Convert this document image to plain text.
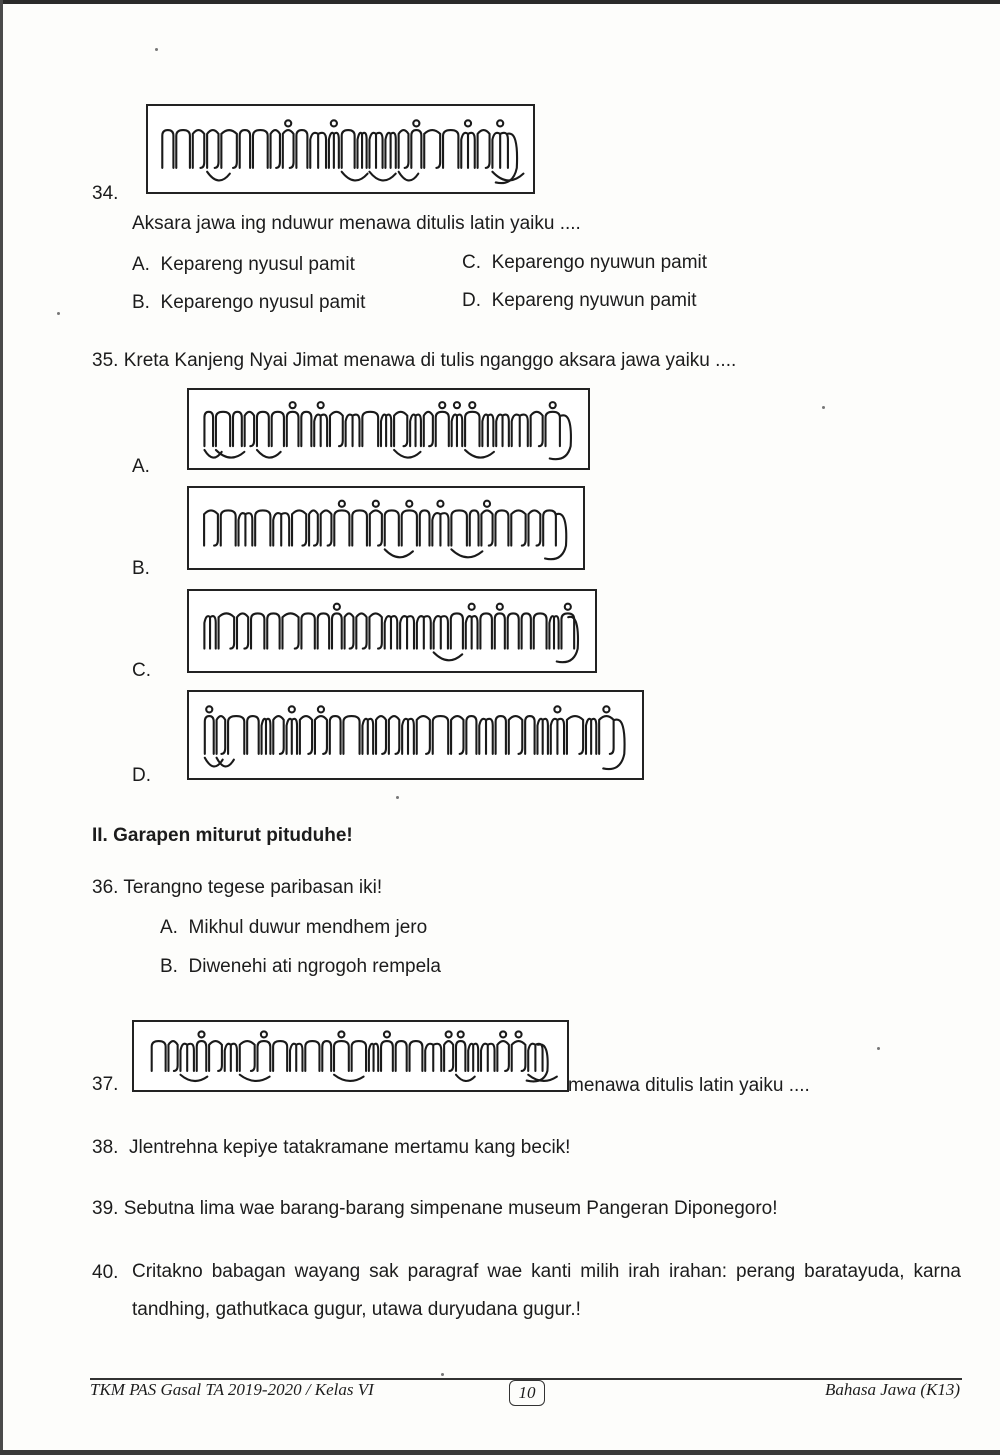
34.
Aksara jawa ing nduwur menawa ditulis latin yaiku ....
A. Kepareng nyusul pamit	C. Keparengo nyuwun pamit
B. Keparengo nyusul pamit	D. Kepareng nyuwun pamit
35. Kreta Kanjeng Nyai Jimat menawa di tulis nganggo aksara jawa yaiku ....
A.
B.
C.
D.
II. Garapen miturut pituduhe!
36. Terangno tegese paribasan iki!
A. Mikhul duwur mendhem jero
B. Diwenehi ati ngrogoh rempela
37.	menawa ditulis latin yaiku ....
38. Jlentrehna kepiye tatakramane mertamu kang becik!
39. Sebutna lima wae barang-barang simpenane museum Pangeran Diponegoro!
40. Critakno babagan wayang sak paragraf wae kanti milih irah irahan: perang baratayuda, karna tandhing, gathutkaca gugur, utawa duryudana gugur.!
TKM PAS Gasal TA 2019-2020 / Kelas VI	10	Bahasa Jawa (K13)
